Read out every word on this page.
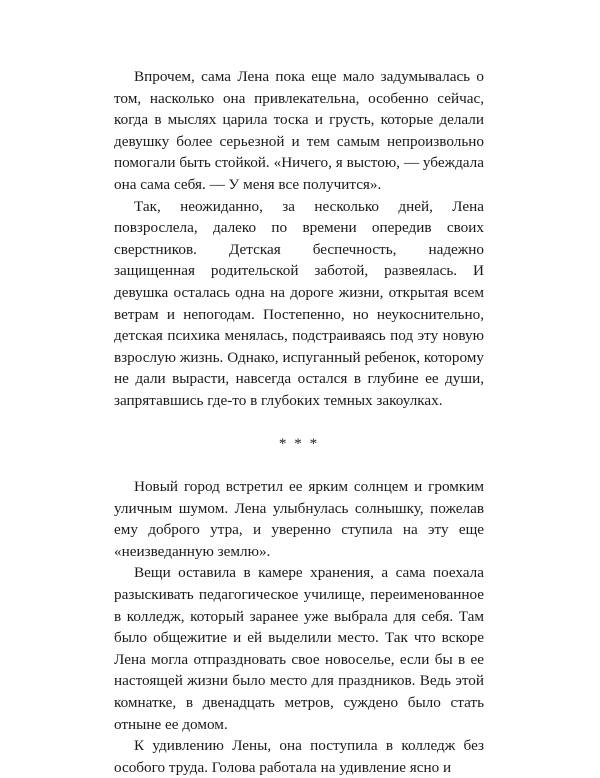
Впрочем, сама Лена пока еще мало задумывалась о том, насколько она привлекательна, особенно сейчас, когда в мыслях царила тоска и грусть, которые делали девушку более серьезной и тем самым непроизвольно помогали быть стойкой. «Ничего, я выстою, — убеждала она сама себя. — У меня все получится».

Так, неожиданно, за несколько дней, Лена повзрослела, далеко по времени опередив своих сверстников. Детская беспечность, надежно защищенная родительской заботой, развеялась. И девушка осталась одна на дороге жизни, открытая всем ветрам и непогодам. Постепенно, но неукоснительно, детская психика менялась, подстраиваясь под эту новую взрослую жизнь. Однако, испуганный ребенок, которому не дали вырасти, навсегда остался в глубине ее души, запрятавшись где-то в глубоких темных закоулках.

* * *

Новый город встретил ее ярким солнцем и громким уличным шумом. Лена улыбнулась солнышку, пожелав ему доброго утра, и уверенно ступила на эту еще «неизведанную землю».

Вещи оставила в камере хранения, а сама поехала разыскивать педагогическое училище, переименованное в колледж, который заранее уже выбрала для себя. Там было общежитие и ей выделили место. Так что вскоре Лена могла отпраздновать свое новоселье, если бы в ее настоящей жизни было место для праздников. Ведь этой комнатке, в двенадцать метров, суждено было стать отныне ее домом.

К удивлению Лены, она поступила в колледж без особого труда. Голова работала на удивление ясно и
